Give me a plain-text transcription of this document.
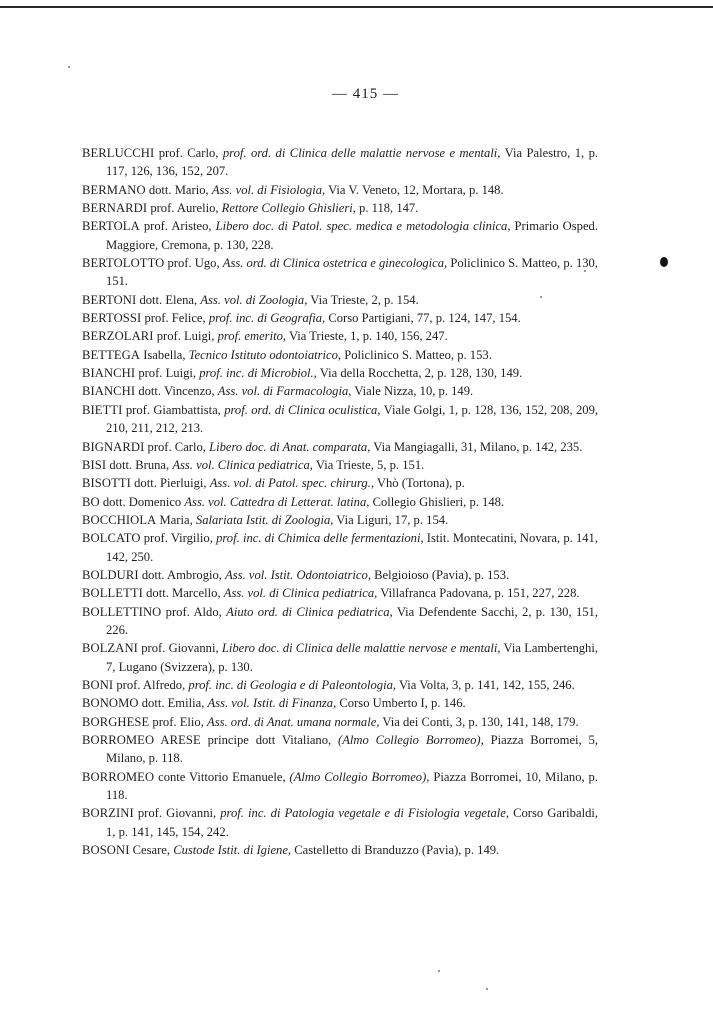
— 415 —

BERLUCCHI prof. Carlo, prof. ord. di Clinica delle malattie nervose e mentali, Via Palestro, 1, p. 117, 126, 136, 152, 207.

BERMANO dott. Mario, Ass. vol. di Fisiologia, Via V. Veneto, 12, Mortara, p. 148.

BERNARDI prof. Aurelio, Rettore Collegio Ghislieri, p. 118, 147.

BERTOLA prof. Aristeo, Libero doc. di Patol. spec. medica e metodologia clinica, Primario Osped. Maggiore, Cremona, p. 130, 228.

BERTOLOTTO prof. Ugo, Ass. ord. di Clinica ostetrica e ginecologica, Policlinico S. Matteo, p. 130, 151.

BERTONI dott. Elena, Ass. vol. di Zoologia, Via Trieste, 2, p. 154.

BERTOSSI prof. Felice, prof. inc. di Geografia, Corso Partigiani, 77, p. 124, 147, 154.

BERZOLARI prof. Luigi, prof. emerito, Via Trieste, 1, p. 140, 156, 247.

BETTEGA Isabella, Tecnico Istituto odontoiatrico, Policlinico S. Matteo, p. 153.

BIANCHI prof. Luigi, prof. inc. di Microbiol., Via della Rocchetta, 2, p. 128, 130, 149.

BIANCHI dott. Vincenzo, Ass. vol. di Farmacologia, Viale Nizza, 10, p. 149.

BIETTI prof. Giambattista, prof. ord. di Clinica oculistica, Viale Golgi, 1, p. 128, 136, 152, 208, 209, 210, 211, 212, 213.

BIGNARDI prof. Carlo, Libero doc. di Anat. comparata, Via Mangiagalli, 31, Milano, p. 142, 235.

BISI dott. Bruna, Ass. vol. Clinica pediatrica, Via Trieste, 5, p. 151.

BISOTTI dott. Pierluigi, Ass. vol. di Patol. spec. chirurg., Vhò (Tortona), p.

BO dott. Domenico Ass. vol. Cattedra di Letterat. latina, Collegio Ghislieri, p. 148.

BOCCHIOLA Maria, Salariata Istit. di Zoologia, Via Liguri, 17, p. 154.

BOLCATO prof. Virgilio, prof. inc. di Chimica delle fermentazioni, Istit. Montecatini, Novara, p. 141, 142, 250.

BOLDURI dott. Ambrogio, Ass. vol. Istit. Odontoiatrico, Belgioioso (Pavia), p. 153.

BOLLETTI dott. Marcello, Ass. vol. di Clinica pediatrica, Villafranca Padovana, p. 151, 227, 228.

BOLLETTINO prof. Aldo, Aiuto ord. di Clinica pediatrica, Via Defendente Sacchi, 2, p. 130, 151, 226.

BOLZANI prof. Giovanni, Libero doc. di Clinica delle malattie nervose e mentali, Via Lambertenghi, 7, Lugano (Svizzera), p. 130.

BONI prof. Alfredo, prof. inc. di Geologia e di Paleontologia, Via Volta, 3, p. 141, 142, 155, 246.

BONOMO dott. Emilia, Ass. vol. Istit. di Finanza, Corso Umberto I, p. 146.

BORGHESE prof. Elio, Ass. ord. di Anat. umana normale, Via dei Conti, 3, p. 130, 141, 148, 179.

BORROMEO ARESE principe dott Vitaliano, (Almo Collegio Borromeo), Piazza Borromei, 5, Milano, p. 118.

BORROMEO conte Vittorio Emanuele, (Almo Collegio Borromeo), Piazza Borromei, 10, Milano, p. 118.

BORZINI prof. Giovanni, prof. inc. di Patologia vegetale e di Fisiologia vegetale, Corso Garibaldi, 1, p. 141, 145, 154, 242.

BOSONI Cesare, Custode Istit. di Igiene, Castelletto di Branduzzo (Pavia), p. 149.
